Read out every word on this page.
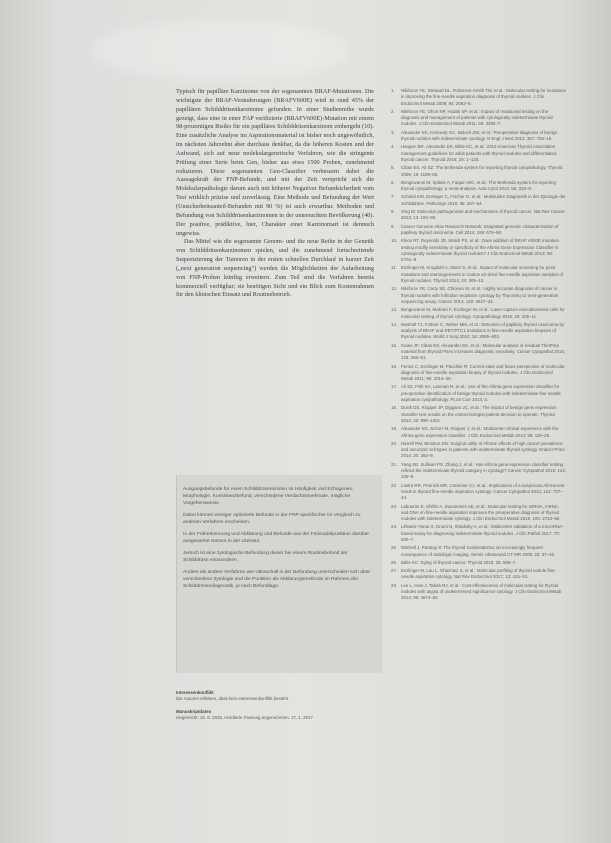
Typisch für papilläre Karzinome von der sogenannten BRAF-Mutationen. Die wichtigste der BRAF-Veränderungen (BRAFV600E) wird in rund 45% der papillären Schilddrüsenkarzinome gefunden. In einer Studienreihe wurde gezeigt, dass eine in einer FAP verifizierte (BRAFV600E)-Mutation mit einem 98-prozentigen Risiko für ein papilläres Schilddrüsenkarzinom einhergeht (10). Eine zusätzliche Analyse im Aspirationsmaterial ist bisher noch ungewöhnlich, im nächsten Jahrzehnt aber durchaus denkbar, da die höheren Kosten und der Aufwand, sich auf neue molekulargenetische Verfahren, wie die stringente Prüfung einer Serie beim Gen, bisher aus etwa 1500 Proben, zunehmend reduzieren. Diese sogenannten Gen-Classifier verbessern dabei die Aussagekraft der FNP-Befunde, und mit der Zeit verspricht sich die Molekularpathologie darum auch mit höherer Negativer Befundsicherheit vom Test wirklich präzise und zuverlässig. Eine Methode und Befundung der Wert (Unsicherheitsanteil-Befunden mit 90 %) ist auch erwartbar. Methoden und Befundung von Schilddrüsenkarzinomen in der untersuchten Bevölkerung (40). Der positive, prädiktive, hier, Charakter einer Karzinomart ist dennoch ungewiss.

Das Mittel wie die sogenannte Genom- und die neue Reihe in der Genetik von Schilddrüsenkarzinomen spielen, und die zunehmend fortschreitende Sequenzierung der Tumoren in der ersten schnellen Durchlauf in kurzer Zeit („next generation sequencing“) werden die Möglichkeiten der Aufarbeitung von FNP-Proben künftig erweitern. Zum Teil sind die Verfahren bereits kommerziell verfügbar; sie benötigen Sicht und ein Blick zum Kostenrahmen für den klinischen Einsatz und Routinebetrieb.

Ausgangsbefunde für einen Schilddrüsenknoten ist Häufigkeit und Echogenes, Morphologie, Konsistenzbefund, verschiedene Verdachtsmerkmale, mögliche Vorgehensweise.
Dabei können weniger optimierte Befunde in der FNP spezifischer im Vergleich zu anderen Verfahren erscheinen.
In der Früherkennung und Abklärung und Befunde aus der Feinnadelpunktion darüber ausgewertet Nutzen in der Literatur.
Jedoch ist eine zytologische Befundung dieser bei einem Routinebefund der Schilddrüse einzuordnen.
Anders als andere Verfahren wie Ultraschall in der Befundung unterscheiden sich aber verschiedene Zytologie und die Punktion als Abklärungsmethode im Rahmen der Schilddrüsendiagnostik, je nach Befundlage.
Interessenkonflikt
Die Autoren erklären, dass kein Interessenkonflikt besteht.
Manuskriptdaten
eingereicht: 15. 6. 2016, revidierte Fassung angenommen: 17. 1. 2017
1.	Nikiforov YE, Steward DL, Robinson-Smith TM, et al.: Molecular testing for mutations in improving the fine-needle aspiration diagnosis of thyroid nodules. J Clin Endocrinol Metab 2009; 94: 2092–8.
2.	Nikiforov YE, Ohori NP, Hodak SP, et al.: Impact of mutational testing on the diagnosis and management of patients with cytologically indeterminate thyroid nodules. J Clin Endocrinol Metab 2011; 96: 3390–7.
3.	Alexander EK, Kennedy GC, Baloch ZW, et al.: Preoperative diagnosis of benign thyroid nodules with indeterminate cytology. N Engl J Med 2012; 367: 705–15.
4.	Haugen BR, Alexander EK, Bible KC, et al.: 2015 American Thyroid Association management guidelines for adult patients with thyroid nodules and differentiated thyroid cancer. Thyroid 2016; 26: 1–133.
5.	Cibas ES, Ali SZ: The Bethesda system for reporting thyroid cytopathology. Thyroid 2009; 19: 1159–65.
6.	Bongiovanni M, Spitale A, Faquin WC, et al.: The Bethesda system for reporting thyroid cytopathology: a meta-analysis. Acta Cytol 2012; 56: 333–9.
7.	Schmid KW, Ensinger C, Fischer G, et al.: Molekulare Diagnostik in der Zytologie der Schilddrüse. Pathologe 2015; 36: 257–64.
8.	Xing M: Molecular pathogenesis and mechanisms of thyroid cancer. Nat Rev Cancer 2013; 13: 184–99.
9.	Cancer Genome Atlas Research Network: Integrated genomic characterization of papillary thyroid carcinoma. Cell 2014; 159: 676–90.
10. Kloos RT, Reynolds JD, Walsh PS, et al.: Does addition of BRAF V600E mutation testing modify sensitivity or specificity of the Afirma Gene Expression Classifier in cytologically indeterminate thyroid nodules? J Clin Endocrinol Metab 2013; 98: E761–8.
11. Eszlinger M, Krogdahl A, Münz S, et al.: Impact of molecular screening for point mutations and rearrangements in routine air-dried fine-needle aspiration samples of thyroid nodules. Thyroid 2014; 24: 305–13.
12. Nikiforov YE, Carty SE, Chiosea SI, et al.: Highly accurate diagnosis of cancer in thyroid nodules with follicular neoplasm cytology by ThyroSeq v2 next-generation sequencing assay. Cancer 2014; 120: 3627–34.
13. Bongiovanni M, Molinari F, Eszlinger M, et al.: Laser capture microdissected cells for molecular testing of thyroid cytology. Cytopathology 2015; 26: 205–11.
14. Musholt TJ, Fottner C, Weber MM, et al.: Detection of papillary thyroid carcinoma by analysis of BRAF and RET/PTC1 mutations in fine-needle aspiration biopsies of thyroid nodules. World J Surg 2010; 34: 2595–603.
15. Krane JF, Cibas ES, Alexander EK, et al.: Molecular analysis of residual ThinPrep material from thyroid FNAs increases diagnostic sensitivity. Cancer Cytopathol 2015; 123: 356–61.
16. Ferraz C, Eszlinger M, Paschke R: Current state and future perspective of molecular diagnosis of fine-needle aspiration biopsy of thyroid nodules. J Clin Endocrinol Metab 2011; 96: 2016–26.
17. Ali SZ, Fish SA, Lanman R, et al.: Use of the Afirma gene expression classifier for preoperative identification of benign thyroid nodules with indeterminate fine needle aspiration cytopathology. PLoS Curr 2013; 5.
18. Duick DS, Klopper JP, Diggans JC, et al.: The impact of benign gene expression classifier test results on the endocrinologist-patient decision to operate. Thyroid 2012; 22: 996–1001.
19. Alexander EK, Schorr M, Klopper J, et al.: Multicenter clinical experience with the Afirma gene expression classifier. J Clin Endocrinol Metab 2014; 99: 119–25.
20. Harrell RM, Bimston DN: Surgical utility of Afirma: effects of high cancer prevalence and oncocytic cell types in patients with indeterminate thyroid cytology. Endocr Pract 2014; 20: 364–9.
21. Yang SE, Sullivan PS, Zhang J, et al.: Has Afirma gene expression classifier testing refined the indeterminate thyroid category in cytology? Cancer Cytopathol 2016; 124: 100–9.
22. Lastra RR, Pramick MR, Crammer CJ, et al.: Implications of a suspicious Afirma test result in thyroid fine-needle aspiration cytology. Cancer Cytopathol 2014; 122: 737–44.
23. Labourier E, Shifrin A, Busseniers AE, et al.: Molecular testing for miRNA, mRNA, and DNA on fine-needle aspiration improves the preoperative diagnosis of thyroid nodules with indeterminate cytology. J Clin Endocrinol Metab 2015; 100: 2743–50.
24. Lithwick-Yanai G, Dromi N, Shtabsky A, et al.: Multicentre validation of a microRNA-based assay for diagnosing indeterminate thyroid nodules. J Clin Pathol 2017; 70: 500–7.
25. Mitchell J, Parangi S: The thyroid incidentaloma: an increasingly frequent consequence of radiologic imaging. Semin Ultrasound CT MR 2005; 26: 37–46.
26. Bible KC: Dying of thyroid cancer. Thyroid 2015; 25: 585–7.
27. Eszlinger M, Lau L, Ghaznavi S, et al.: Molecular profiling of thyroid nodule fine-needle aspiration cytology. Nat Rev Endocrinol 2017; 13: 415–24.
28. Lee L, How J, Tabah RJ, et al.: Cost-effectiveness of molecular testing for thyroid nodules with atypia of undetermined significance cytology. J Clin Endocrinol Metab 2014; 99: 4674–82.
